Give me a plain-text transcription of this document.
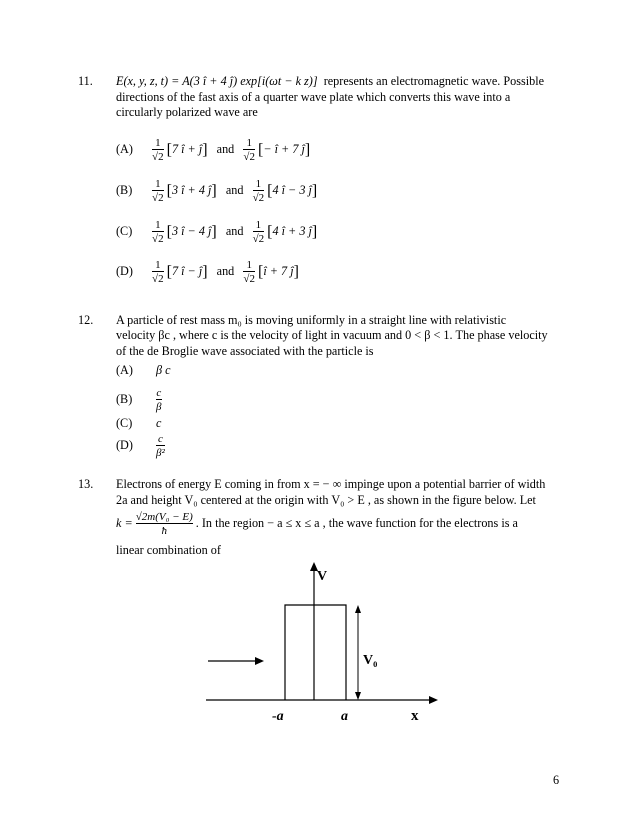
11. E(x, y, z, t) = A(3 î + 4 ĵ) exp[i(ωt − k z)] represents an electromagnetic wave. Possible
directions of the fast axis of a quarter wave plate which converts this wave into a
circularly polarized wave are
$(A) \frac{1}{√2} [7$ î + ĵ] and $\frac{1}{√2}$ [− î + 7 ĵ]
$(B) \frac{1}{√2} [3$ î + 4 ĵ] and $\frac{1}{√2} [4$ î − 3 ĵ]
$(C) \frac{1}{√2} [3$ î − 4 ĵ] and $\frac{1}{√2} [4$ î + 3 ĵ]
$(D) \frac{1}{√2} [7$ î − ĵ] and $\frac{1}{√2}$ [î + 7 ĵ]
12. A particle of rest mass m₀ is moving uniformly in a straight line with relativistic
velocity βc , where c is the velocity of light in vacuum and 0 < β < 1. The phase velocity
of the de Broglie wave associated with the particle is
(A) β c
$(B) \frac{c}{\beta}$
(C) c
$(D) \frac{c}{\text{β²}}$
13. Electrons of energy E coming in from x = − ∞ impinge upon a potential barrier of width
2a and height V₀ centered at the origin with V₀ > E , as shown in the figure below. Let
$k = \frac{\text{√2m(V₀ − E)}}{ħ}$ . In the region − a ≤ x ≤ a , the wave function for the electrons is a
linear combination of
V
V₀
-a	a	x
6
